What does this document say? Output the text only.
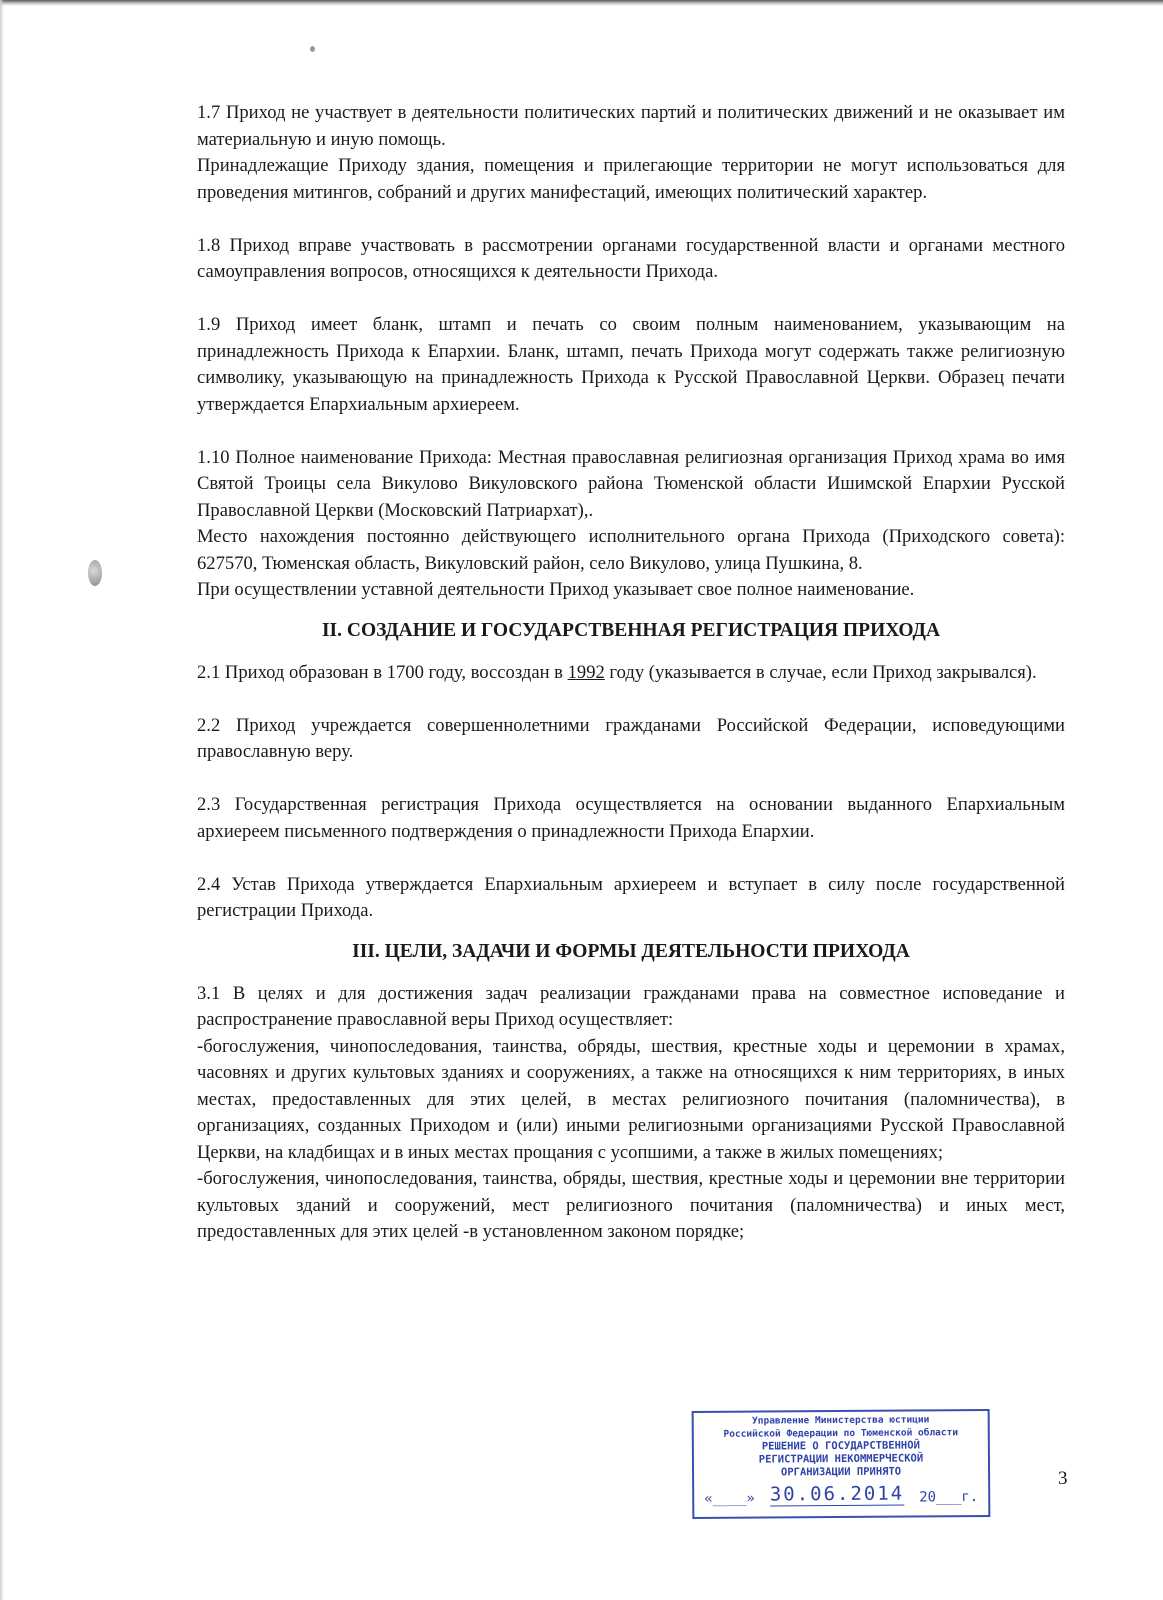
1.7 Приход не участвует в деятельности политических партий и политических движений и не оказывает им материальную и иную помощь.

Принадлежащие Приходу здания, помещения и прилегающие территории не могут использоваться для проведения митингов, собраний и других манифестаций, имеющих политический характер.

1.8 Приход вправе участвовать в рассмотрении органами государственной власти и органами местного самоуправления вопросов, относящихся к деятельности Прихода.

1.9 Приход имеет бланк, штамп и печать со своим полным наименованием, указывающим на принадлежность Прихода к Епархии. Бланк, штамп, печать Прихода могут содержать также религиозную символику, указывающую на принадлежность Прихода к Русской Православной Церкви. Образец печати утверждается Епархиальным архиереем.

1.10 Полное наименование Прихода: Местная православная религиозная организация Приход храма во имя Святой Троицы села Викулово Викуловского района Тюменской области Ишимской Епархии Русской Православной Церкви (Московский Патриархат),.

Место нахождения постоянно действующего исполнительного органа Прихода (Приходского совета): 627570, Тюменская область, Викуловский район, село Викулово, улица Пушкина, 8.

При осуществлении уставной деятельности Приход указывает свое полное наименование.

II. СОЗДАНИЕ И ГОСУДАРСТВЕННАЯ РЕГИСТРАЦИЯ ПРИХОДА

2.1 Приход образован в 1700 году, воссоздан в 1992 году (указывается в случае, если Приход закрывался).

2.2 Приход учреждается совершеннолетними гражданами Российской Федерации, исповедующими православную веру.

2.3 Государственная регистрация Прихода осуществляется на основании выданного Епархиальным архиереем письменного подтверждения о принадлежности Прихода Епархии.

2.4 Устав Прихода утверждается Епархиальным архиереем и вступает в силу после государственной регистрации Прихода.

III. ЦЕЛИ, ЗАДАЧИ И ФОРМЫ ДЕЯТЕЛЬНОСТИ ПРИХОДА

3.1 В целях и для достижения задач реализации гражданами права на совместное исповедание и распространение православной веры Приход осуществляет:

-богослужения, чинопоследования, таинства, обряды, шествия, крестные ходы и церемонии в храмах, часовнях и других культовых зданиях и сооружениях, а также на относящихся к ним территориях, в иных местах, предоставленных для этих целей, в местах религиозного почитания (паломничества), в организациях, созданных Приходом и (или) иными религиозными организациями Русской Православной Церкви, на кладбищах и в иных местах прощания с усопшими, а также в жилых помещениях;

-богослужения, чинопоследования, таинства, обряды, шествия, крестные ходы и церемонии вне территории культовых зданий и сооружений, мест религиозного почитания (паломничества) и иных мест, предоставленных для этих целей -в установленном законом порядке;

Управление Министерства юстиции
Российской Федерации по Тюменской области
РЕШЕНИЕ О ГОСУДАРСТВЕННОЙ
РЕГИСТРАЦИИ НЕКОММЕРЧЕСКОЙ
ОРГАНИЗАЦИИ ПРИНЯТО
«____» 30.06.2014 20___г.
3
